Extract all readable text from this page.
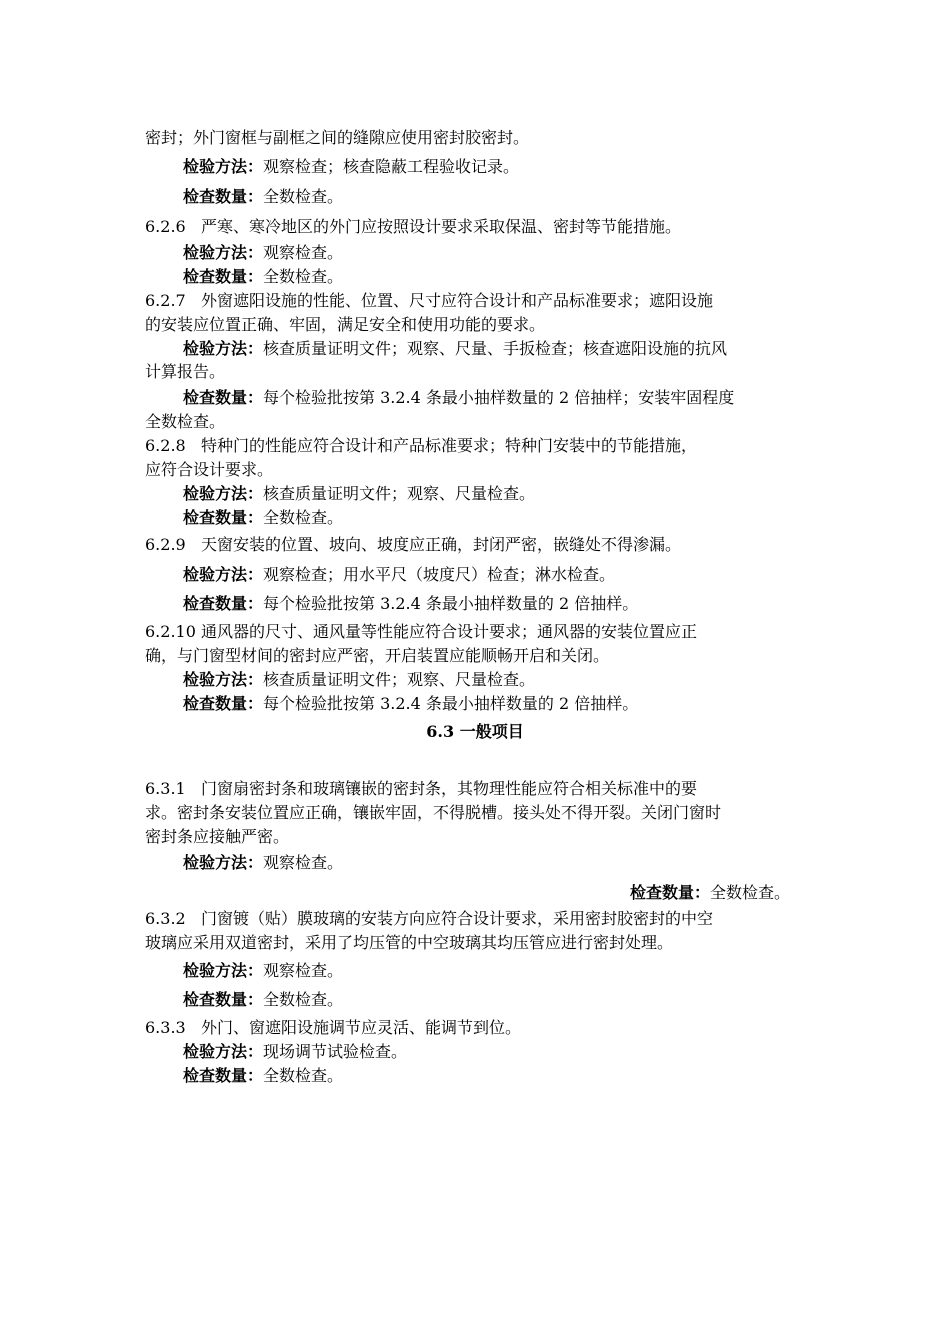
密封；外门窗框与副框之间的缝隙应使用密封胶密封。
检验方法：观察检查；核查隐蔽工程验收记录。
检查数量：全数检查。
6.2.6 严寒、寒冷地区的外门应按照设计要求采取保温、密封等节能措施。
检验方法：观察检查。
检查数量：全数检查。
6.2.7 外窗遮阳设施的性能、位置、尺寸应符合设计和产品标准要求；遮阳设施
的安装应位置正确、牢固，满足安全和使用功能的要求。
检验方法：核查质量证明文件；观察、尺量、手扳检查；核查遮阳设施的抗风
计算报告。
检查数量：每个检验批按第 3.2.4 条最小抽样数量的 2 倍抽样；安装牢固程度
全数检查。
6.2.8 特种门的性能应符合设计和产品标准要求；特种门安装中的节能措施，
应符合设计要求。
检验方法：核查质量证明文件；观察、尺量检查。
检查数量：全数检查。
6.2.9 天窗安装的位置、坡向、坡度应正确，封闭严密，嵌缝处不得渗漏。
检验方法：观察检查；用水平尺（坡度尺）检查；淋水检查。
检查数量：每个检验批按第 3.2.4 条最小抽样数量的 2 倍抽样。
6.2.10 通风器的尺寸、通风量等性能应符合设计要求；通风器的安装位置应正
确，与门窗型材间的密封应严密，开启装置应能顺畅开启和关闭。
检验方法：核查质量证明文件；观察、尺量检查。
检查数量：每个检验批按第 3.2.4 条最小抽样数量的 2 倍抽样。
6.3 一般项目
6.3.1 门窗扇密封条和玻璃镶嵌的密封条，其物理性能应符合相关标准中的要
求。密封条安装位置应正确，镶嵌牢固，不得脱槽。接头处不得开裂。关闭门窗时
密封条应接触严密。
检验方法：观察检查。
检查数量：全数检查。
6.3.2 门窗镀（贴）膜玻璃的安装方向应符合设计要求，采用密封胶密封的中空
玻璃应采用双道密封，采用了均压管的中空玻璃其均压管应进行密封处理。
检验方法：观察检查。
检查数量：全数检查。
6.3.3 外门、窗遮阳设施调节应灵活、能调节到位。
检验方法：现场调节试验检查。
检查数量：全数检查。
